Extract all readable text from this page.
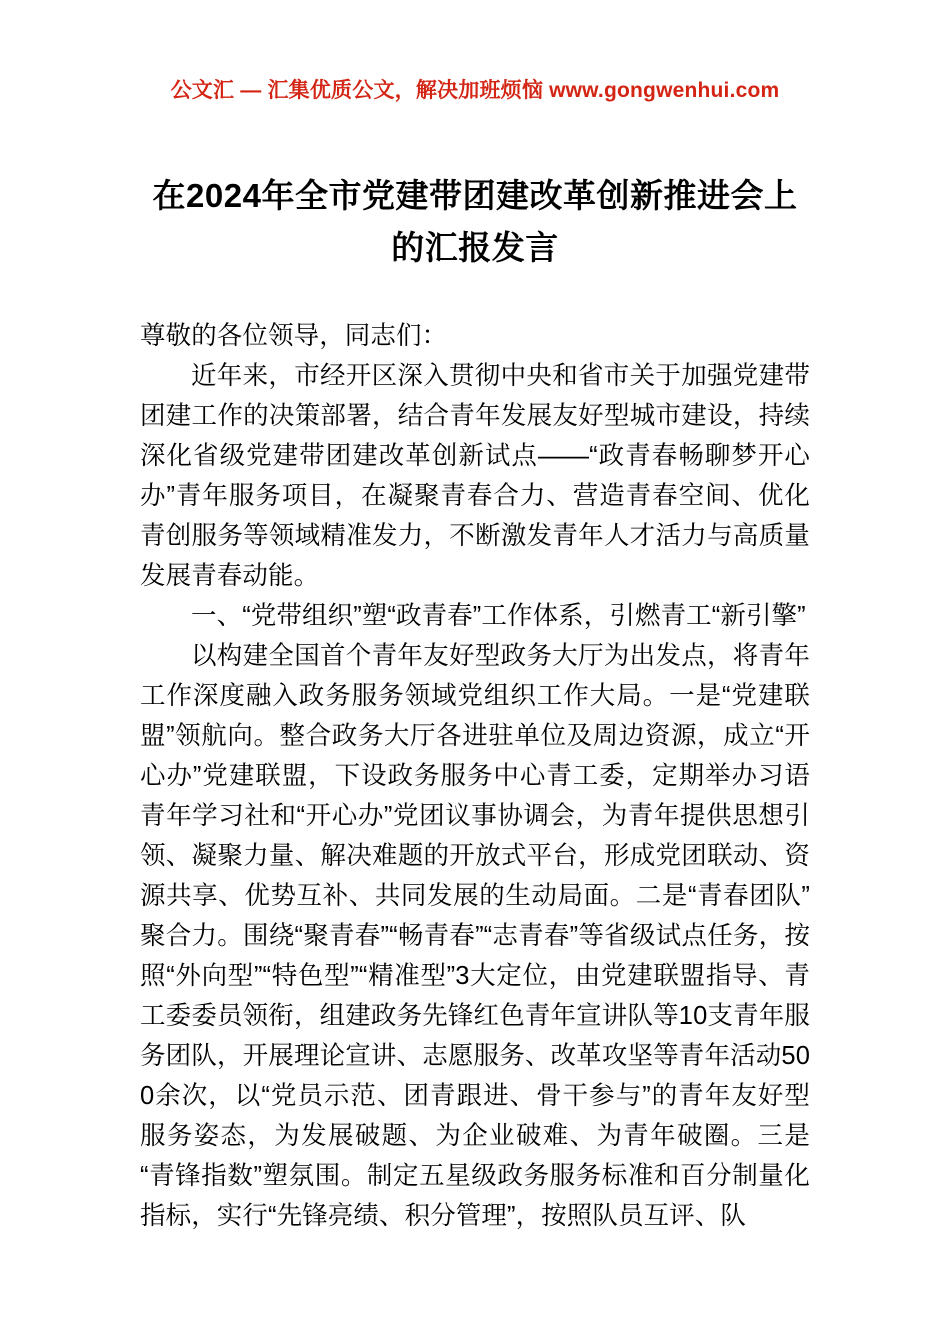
公文汇 — 汇集优质公文，解决加班烦恼 www.gongwenhui.com
在2024年全市党建带团建改革创新推进会上的汇报发言

尊敬的各位领导，同志们：

近年来，市经开区深入贯彻中央和省市关于加强党建带团建工作的决策部署，结合青年发展友好型城市建设，持续深化省级党建带团建改革创新试点——“政青春畅聊梦开心办”青年服务项目，在凝聚青春合力、营造青春空间、优化青创服务等领域精准发力，不断激发青年人才活力与高质量发展青春动能。

一、“党带组织”塑“政青春”工作体系，引燃青工“新引擎”

以构建全国首个青年友好型政务大厅为出发点，将青年工作深度融入政务服务领域党组织工作大局。一是“党建联盟”领航向。整合政务大厅各进驻单位及周边资源，成立“开心办”党建联盟，下设政务服务中心青工委，定期举办习语青年学习社和“开心办”党团议事协调会，为青年提供思想引领、凝聚力量、解决难题的开放式平台，形成党团联动、资源共享、优势互补、共同发展的生动局面。二是“青春团队”聚合力。围绕“聚青春”“畅青春”“志青春”等省级试点任务，按照“外向型”“特色型”“精准型”3大定位，由党建联盟指导、青工委委员领衔，组建政务先锋红色青年宣讲队等10支青年服务团队，开展理论宣讲、志愿服务、改革攻坚等青年活动500余次，以“党员示范、团青跟进、骨干参与”的青年友好型服务姿态，为发展破题、为企业破难、为青年破圈。三是“青锋指数”塑氛围。制定五星级政务服务标准和百分制量化指标，实行“先锋亮绩、积分管理”，按照队员互评、队
